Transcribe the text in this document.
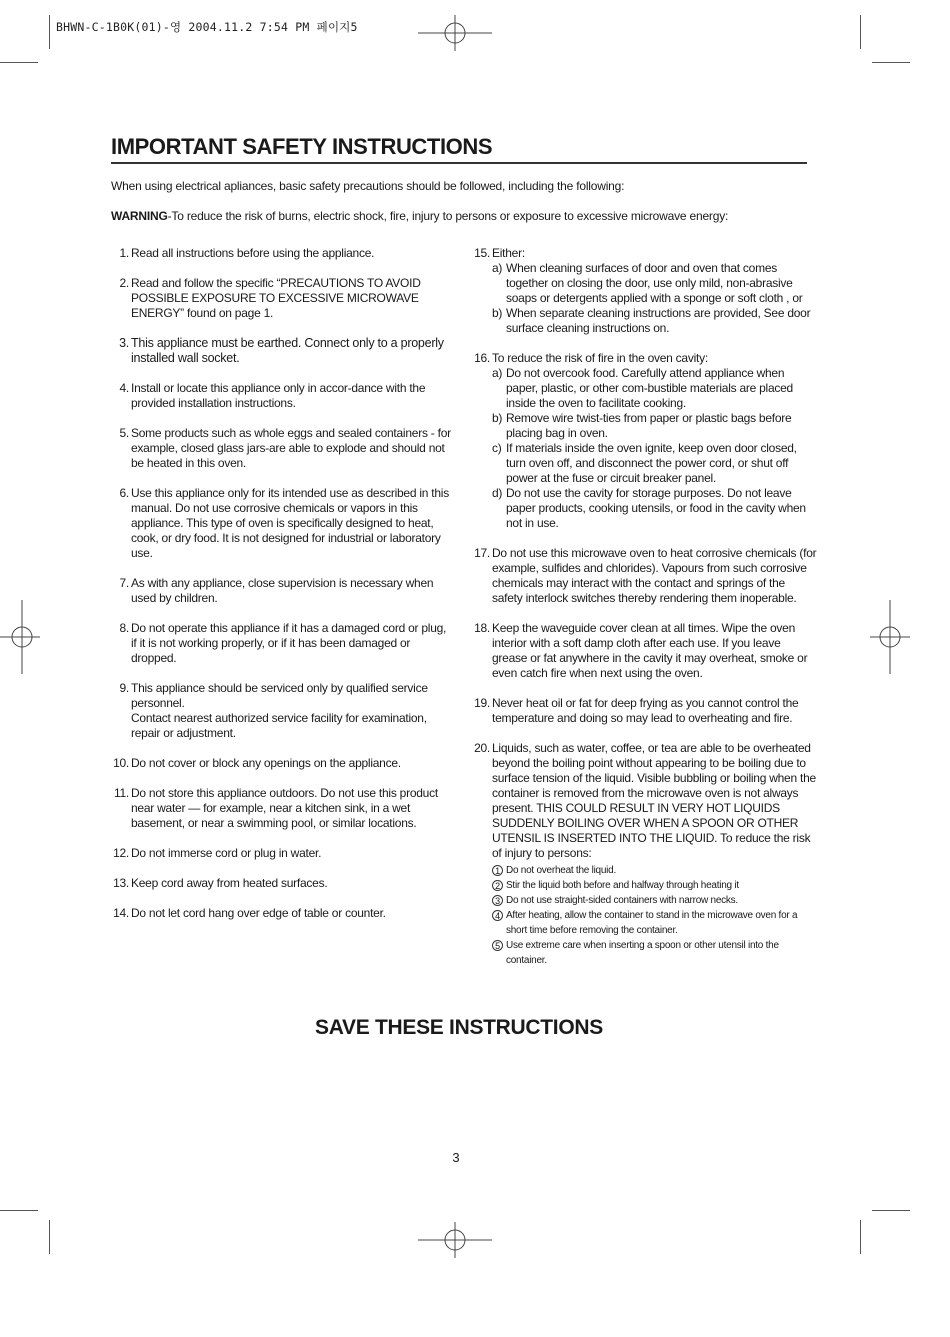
BHWN-C-1B0K(01)-영 2004.11.2 7:54 PM 페이지5
IMPORTANT SAFETY INSTRUCTIONS
When using electrical apliances, basic safety precautions should be followed, including the following:
WARNING-To reduce the risk of burns, electric shock, fire, injury to persons or exposure to excessive microwave energy:
1. Read all instructions before using the appliance.
2. Read and follow the specific “PRECAUTIONS TO AVOID POSSIBLE EXPOSURE TO EXCESSIVE MICROWAVE ENERGY” found on page 1.
3. This appliance must be earthed. Connect only to a properly installed wall socket.
4. Install or locate this appliance only in accor-dance with the provided installation instructions.
5. Some products such as whole eggs and sealed containers - for example, closed glass jars-are able to explode and should not be heated in this oven.
6. Use this appliance only for its intended use as described in this manual. Do not use corrosive chemicals or vapors in this appliance. This type of oven is specifically designed to heat, cook, or dry food. It is not designed for industrial or laboratory use.
7. As with any appliance, close supervision is necessary when used by children.
8. Do not operate this appliance if it has a damaged cord or plug, if it is not working properly, or if it has been damaged or dropped.
9. This appliance should be serviced only by qualified service personnel.
Contact nearest authorized service facility for examination, repair or adjustment.
10. Do not cover or block any openings on the appliance.
11. Do not store this appliance outdoors. Do not use this product near water — for example, near a kitchen sink, in a wet basement, or near a swimming pool, or similar locations.
12. Do not immerse cord or plug in water.
13. Keep cord away from heated surfaces.
14. Do not let cord hang over edge of table or counter.
15. Either:
a) When cleaning surfaces of door and oven that comes together on closing the door, use only mild, non-abrasive soaps or detergents applied with a sponge or soft cloth , or
b) When separate cleaning instructions are provided, See door surface cleaning instructions on.
16. To reduce the risk of fire in the oven cavity:
a) Do not overcook food. Carefully attend appliance when paper, plastic, or other com-bustible materials are placed inside the oven to facilitate cooking.
b) Remove wire twist-ties from paper or plastic bags before placing bag in oven.
c) If materials inside the oven ignite, keep oven door closed, turn oven off, and disconnect the power cord, or shut off power at the fuse or circuit breaker panel.
d) Do not use the cavity for storage purposes. Do not leave paper products, cooking utensils, or food in the cavity when not in use.
17. Do not use this microwave oven to heat corrosive chemicals (for example, sulfides and chlorides). Vapours from such corrosive chemicals may interact with the contact and springs of the safety interlock switches thereby rendering them inoperable.
18. Keep the waveguide cover clean at all times. Wipe the oven interior with a soft damp cloth after each use. If you leave grease or fat anywhere in the cavity it may overheat, smoke or even catch fire when next using the oven.
19. Never heat oil or fat for deep frying as you cannot control the temperature and doing so may lead to overheating and fire.
20. Liquids, such as water, coffee, or tea are able to be overheated beyond the boiling point without appearing to be boiling due to surface tension of the liquid. Visible bubbling or boiling when the container is removed from the microwave oven is not always present. THIS COULD RESULT IN VERY HOT LIQUIDS SUDDENLY BOILING OVER WHEN A SPOON OR OTHER UTENSIL IS INSERTED INTO THE LIQUID. To reduce the risk of injury to persons:
1 Do not overheat the liquid.
2 Stir the liquid both before and halfway through heating it
3 Do not use straight-sided containers with narrow necks.
4 After heating, allow the container to stand in the microwave oven for a short time before removing the container.
5 Use extreme care when inserting a spoon or other utensil into the container.
SAVE THESE INSTRUCTIONS
3
